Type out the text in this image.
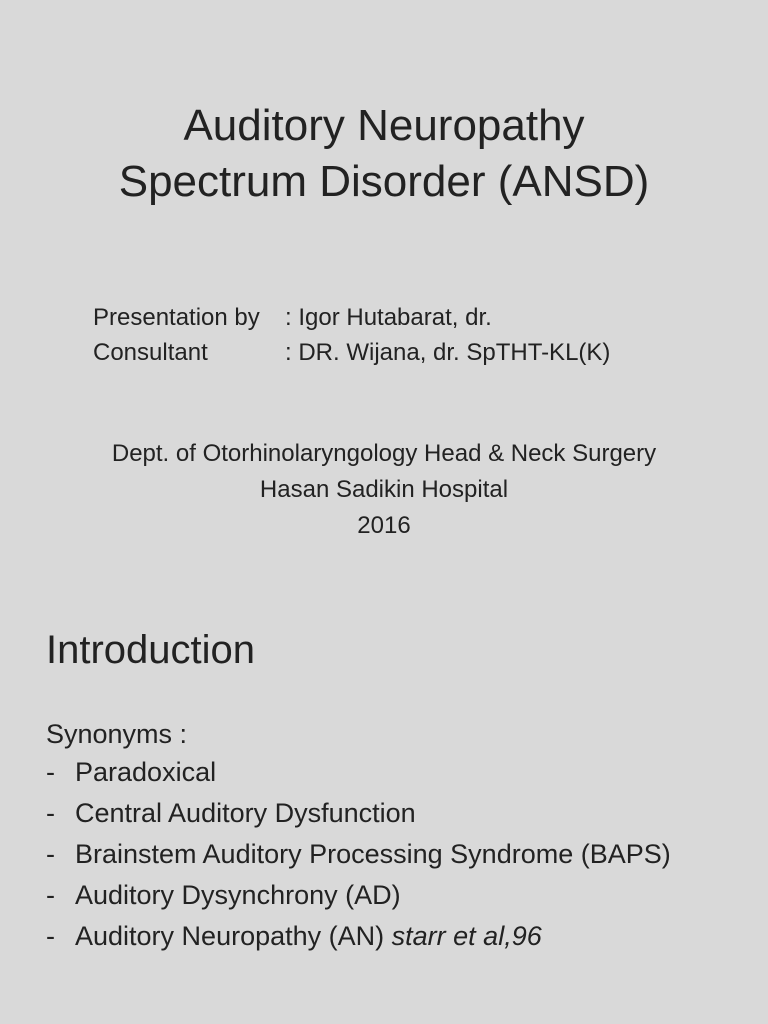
Auditory Neuropathy
Spectrum Disorder (ANSD)
Presentation by	: Igor Hutabarat, dr.
Consultant	: DR. Wijana, dr. SpTHT-KL(K)
Dept. of Otorhinolaryngology Head & Neck Surgery
Hasan Sadikin Hospital
2016
Introduction
Synonyms :
- Paradoxical
- Central Auditory Dysfunction
- Brainstem Auditory Processing Syndrome (BAPS)
- Auditory Dysynchrony (AD)
- Auditory Neuropathy (AN) starr et al,96
